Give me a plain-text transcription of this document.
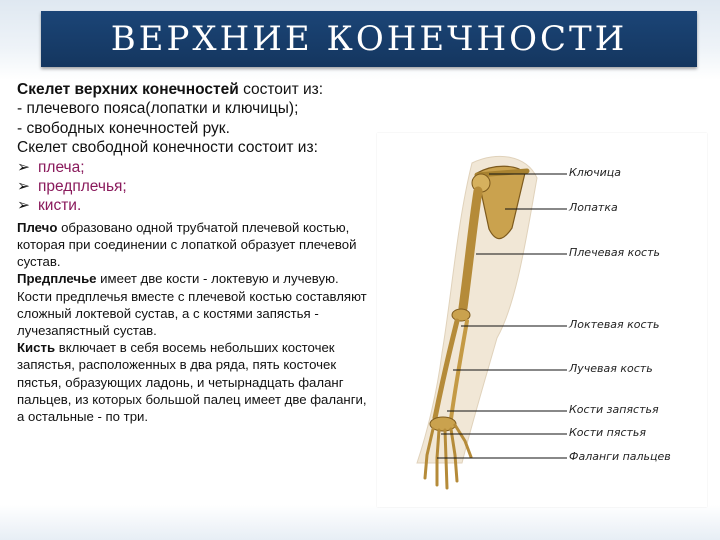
ВЕРХНИЕ КОНЕЧНОСТИ
Скелет верхних конечностей состоит из:
- плечевого пояса(лопатки и ключицы);
- свободных конечностей рук.
Скелет свободной конечности состоит из:
➢ плеча;
➢ предплечья;
➢ кисти.
Плечо образовано одной трубчатой плечевой костью, которая при соединении с лопаткой образует плечевой сустав.
Предплечье имеет две кости - локтевую и лучевую. Кости предплечья вместе с плечевой костью составляют сложный локтевой сустав, а с костями запястья - лучезапястный сустав.
Кисть включает в себя восемь небольших косточек запястья, расположенных в два ряда, пять косточек пястья, образующих ладонь, и четырнадцать фаланг пальцев, из которых большой палец имеет две фаланги, а остальные - по три.
Ключица
Лопатка
Плечевая кость
Локтевая кость
Лучевая кость
Кости запястья
Кости пястья
Фаланги пальцев
